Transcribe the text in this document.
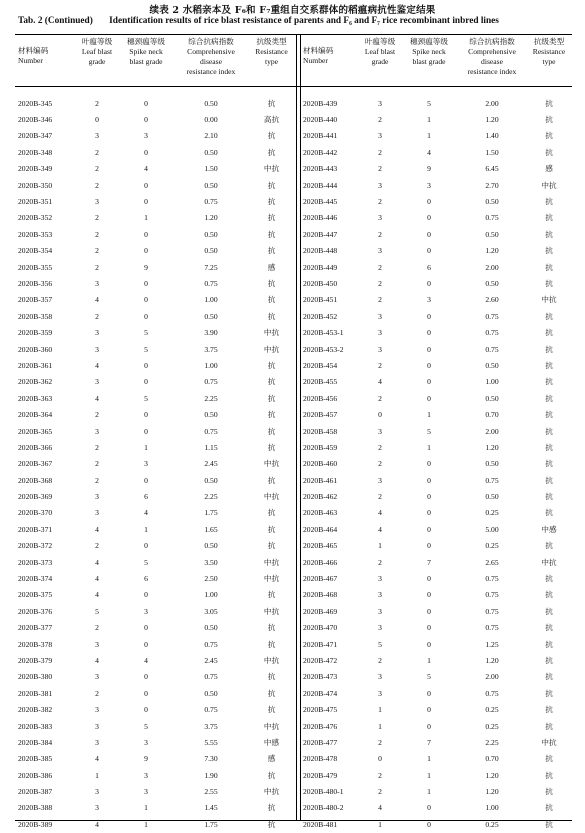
续表 2 水稻亲本及 F₆和 F₇重组自交系群体的稻瘟病抗性鉴定结果
Tab. 2 (Continued) Identification results of rice blast resistance of parents and F₆ and F₇ rice recombinant inbred lines
材料编码
Number	叶瘟等级
Leaf blast
grade	穗颈瘟等级
Spike neck
blast grade	综合抗病指数
Comprehensive
disease
resistance index	抗级类型
Resistance
type

2020B-345	2	0	0.50	抗
2020B-346	0	0	0.00	高抗
2020B-347	3	3	2.10	抗
2020B-348	2	0	0.50	抗
2020B-349	2	4	1.50	中抗
2020B-350	2	0	0.50	抗
2020B-351	3	0	0.75	抗
2020B-352	2	1	1.20	抗
2020B-353	2	0	0.50	抗
2020B-354	2	0	0.50	抗
2020B-355	2	9	7.25	感
2020B-356	3	0	0.75	抗
2020B-357	4	0	1.00	抗
2020B-358	2	0	0.50	抗
2020B-359	3	5	3.90	中抗
2020B-360	3	5	3.75	中抗
2020B-361	4	0	1.00	抗
2020B-362	3	0	0.75	抗
2020B-363	4	5	2.25	抗
2020B-364	2	0	0.50	抗
2020B-365	3	0	0.75	抗
2020B-366	2	1	1.15	抗
2020B-367	2	3	2.45	中抗
2020B-368	2	0	0.50	抗
2020B-369	3	6	2.25	中抗
2020B-370	3	4	1.75	抗
2020B-371	4	1	1.65	抗
2020B-372	2	0	0.50	抗
2020B-373	4	5	3.50	中抗
2020B-374	4	6	2.50	中抗
2020B-375	4	0	1.00	抗
2020B-376	5	3	3.05	中抗
2020B-377	2	0	0.50	抗
2020B-378	3	0	0.75	抗
2020B-379	4	4	2.45	中抗
2020B-380	3	0	0.75	抗
2020B-381	2	0	0.50	抗
2020B-382	3	0	0.75	抗
2020B-383	3	5	3.75	中抗
2020B-384	3	3	5.55	中感
2020B-385	4	9	7.30	感
2020B-386	1	3	1.90	抗
2020B-387	3	3	2.55	中抗
2020B-388	3	1	1.45	抗
2020B-389	4	1	1.75	抗
材料编码
Number	叶瘟等级
Leaf blast
grade	穗颈瘟等级
Spike neck
blast grade	综合抗病指数
Comprehensive
disease
resistance index	抗级类型
Resistance
type

2020B-439	3	5	2.00	抗
2020B-440	2	1	1.20	抗
2020B-441	3	1	1.40	抗
2020B-442	2	4	1.50	抗
2020B-443	2	9	6.45	感
2020B-444	3	3	2.70	中抗
2020B-445	2	0	0.50	抗
2020B-446	3	0	0.75	抗
2020B-447	2	0	0.50	抗
2020B-448	3	0	1.20	抗
2020B-449	2	6	2.00	抗
2020B-450	2	0	0.50	抗
2020B-451	2	3	2.60	中抗
2020B-452	3	0	0.75	抗
2020B-453-1	3	0	0.75	抗
2020B-453-2	3	0	0.75	抗
2020B-454	2	0	0.50	抗
2020B-455	4	0	1.00	抗
2020B-456	2	0	0.50	抗
2020B-457	0	1	0.70	抗
2020B-458	3	5	2.00	抗
2020B-459	2	1	1.20	抗
2020B-460	2	0	0.50	抗
2020B-461	3	0	0.75	抗
2020B-462	2	0	0.50	抗
2020B-463	4	0	0.25	抗
2020B-464	4	0	5.00	中感
2020B-465	1	0	0.25	抗
2020B-466	2	7	2.65	中抗
2020B-467	3	0	0.75	抗
2020B-468	3	0	0.75	抗
2020B-469	3	0	0.75	抗
2020B-470	3	0	0.75	抗
2020B-471	5	0	1.25	抗
2020B-472	2	1	1.20	抗
2020B-473	3	5	2.00	抗
2020B-474	3	0	0.75	抗
2020B-475	1	0	0.25	抗
2020B-476	1	0	0.25	抗
2020B-477	2	7	2.25	中抗
2020B-478	0	1	0.70	抗
2020B-479	2	1	1.20	抗
2020B-480-1	2	1	1.20	抗
2020B-480-2	4	0	1.00	抗
2020B-481	1	0	0.25	抗
